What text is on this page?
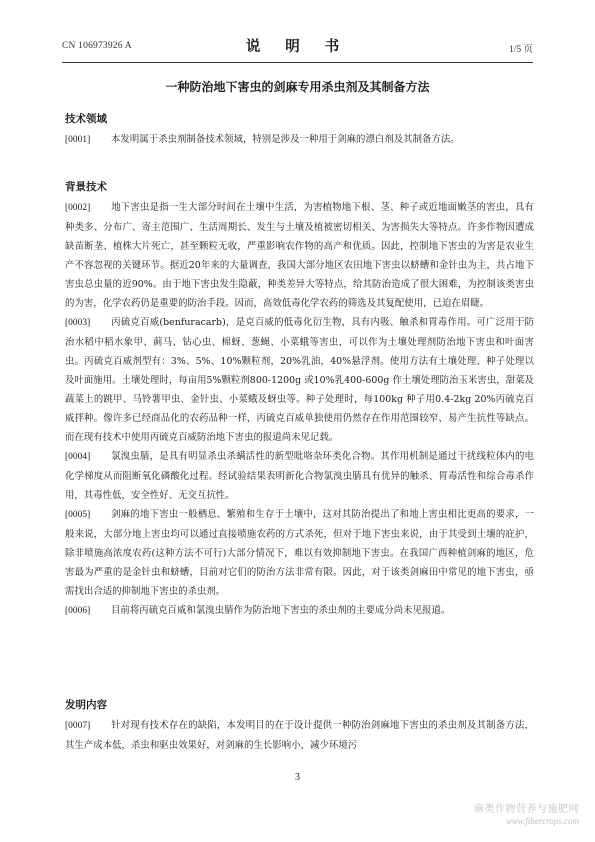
CN 106973926 A	说 明 书	1/5 页
一种防治地下害虫的剑麻专用杀虫剂及其制备方法
技术领域

[0001] 本发明属于杀虫剂制备技术领域，特别是涉及一种用于剑麻的漂白剂及其制备方法。

背景技术

[0002] 地下害虫是指一生大部分时间在土壤中生活，为害植物地下根、茎、种子或近地面嫩茎的害虫，具有种类多、分布广、寄主范围广、生活周期长、发生与土壤及植被密切相关、为害损失大等特点。许多作物因遭成缺苗断垄、植株大片死亡，甚至颗粒无收，严重影响农作物的高产和优质。因此，控制地下害虫的为害是农业生产不容忽视的关键环节。据近20年来的大量调查，我国大部分地区农田地下害虫以蛴螬和金针虫为主，共占地下害虫总虫量的近90%。由于地下害虫发生隐蔽，种类差异大等特点，给其防治造成了很大困难，为控制该类害虫的为害，化学农药仍是重要的防治手段。因而，高效低毒化学农药的筛选及其复配使用，已迫在眉睫。

[0003] 丙硫克百威(benfuracarb)，是克百威的低毒化衍生物，具有内吸、触杀和胃毒作用。可广泛用于防治水稻中稻水象甲、蓟马、钻心虫、棉蚜、葱蝇、小菜蛾等害虫，可以作为土壤处理剂防治地下害虫和叶面害虫。丙硫克百威剂型有：3%、5%、10%颗粒剂，20%乳油，40%悬浮剂。使用方法有土壤处理、种子处理以及叶面施用。土壤处理时，每亩用5%颗粒剂800-1200g 或10%乳400-600g 作土壤处理防治玉米害虫，甜菜及蔬菜上的跳甲、马铃薯甲虫、金针虫、小菜蛾及蚜虫等。种子处理时，每100kg 种子用0.4-2kg 20%丙硫克百威拌种。像许多已经商品化的农药品种一样，丙硫克百威单独使用仍然存在作用范围较窄、易产生抗性等缺点。而在现有技术中使用丙硫克百威防治地下害虫的报道尚未见记载。

[0004] 氯溴虫腈，是具有明显杀虫杀螨活性的新型吡咯杂环类化合物。其作用机制是通过干扰线粒体内的电化学梯度从而阻断氧化磷酸化过程。经试验结果表明新化合物氯溴虫腈具有优异的触杀、胃毒活性和综合毒杀作用，其毒性低，安全性好、无交互抗性。

[0005] 剑麻的地下害虫一般栖息、繁殖和生存于土壤中，这对其防治提出了和地上害虫相比更高的要求，一般来说，大部分地上害虫均可以通过直接喷施农药的方式杀死，但对于地下害虫来说，由于其受到土壤的庇护，除非喷施高浓度农药(这种方法不可行)大部分情况下，难以有效抑制地下害虫。在我国广西种植剑麻的地区，危害最为严重的是金针虫和蛴螬，目前对它们的防治方法非常有限。因此，对于该类剑麻田中常见的地下害虫，亟需找出合适的抑制地下害虫的杀虫剂。

[0006] 目前将丙硫克百威和氯溴虫腈作为防治地下害虫的杀虫剂的主要成分尚未见报道。

发明内容

[0007] 针对现有技术存在的缺陷，本发明目的在于设计提供一种防治剑麻地下害虫的杀虫剂及其制备方法，其生产成本低，杀虫和驱虫效果好，对剑麻的生长影响小，减少环境污

3
麻类作物营养与施肥网
www.fibercrops.com
